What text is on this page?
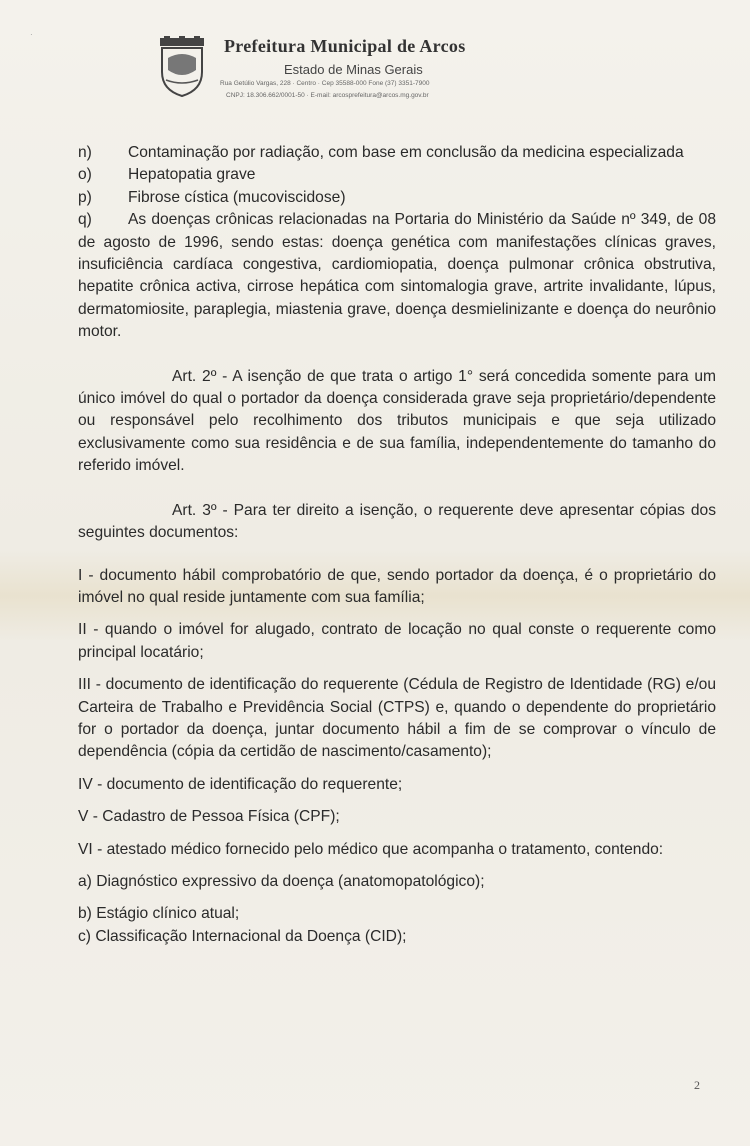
·
Prefeitura Municipal de Arcos
Estado de Minas Gerais
Rua Getúlio Vargas, 228 · Centro · Cep 35588-000 Fone (37) 3351-7900
CNPJ: 18.306.662/0001-50 · E-mail: arcosprefeitura@arcos.mg.gov.br

n) Contaminação por radiação, com base em conclusão da medicina especializada

o) Hepatopatia grave

p) Fibrose cística (mucoviscidose)

q) As doenças crônicas relacionadas na Portaria do Ministério da Saúde nº 349, de 08 de agosto de 1996, sendo estas: doença genética com manifestações clínicas graves, insuficiência cardíaca congestiva, cardiomiopatia, doença pulmonar crônica obstrutiva, hepatite crônica activa, cirrose hepática com sintomalogia grave, artrite invalidante, lúpus, dermatomiosite, paraplegia, miastenia grave, doença desmielinizante e doença do neurônio motor.

Art. 2º - A isenção de que trata o artigo 1° será concedida somente para um único imóvel do qual o portador da doença considerada grave seja proprietário/dependente ou responsável pelo recolhimento dos tributos municipais e que seja utilizado exclusivamente como sua residência e de sua família, independentemente do tamanho do referido imóvel.

Art. 3º - Para ter direito a isenção, o requerente deve apresentar cópias dos seguintes documentos:

I - documento hábil comprobatório de que, sendo portador da doença, é o proprietário do imóvel no qual reside juntamente com sua família;

II - quando o imóvel for alugado, contrato de locação no qual conste o requerente como principal locatário;

III - documento de identificação do requerente (Cédula de Registro de Identidade (RG) e/ou Carteira de Trabalho e Previdência Social (CTPS) e, quando o dependente do proprietário for o portador da doença, juntar documento hábil a fim de se comprovar o vínculo de dependência (cópia da certidão de nascimento/casamento);

IV - documento de identificação do requerente;

V - Cadastro de Pessoa Física (CPF);

VI - atestado médico fornecido pelo médico que acompanha o tratamento, contendo:

a) Diagnóstico expressivo da doença (anatomopatológico);

b) Estágio clínico atual;

c) Classificação Internacional da Doença (CID);

2
